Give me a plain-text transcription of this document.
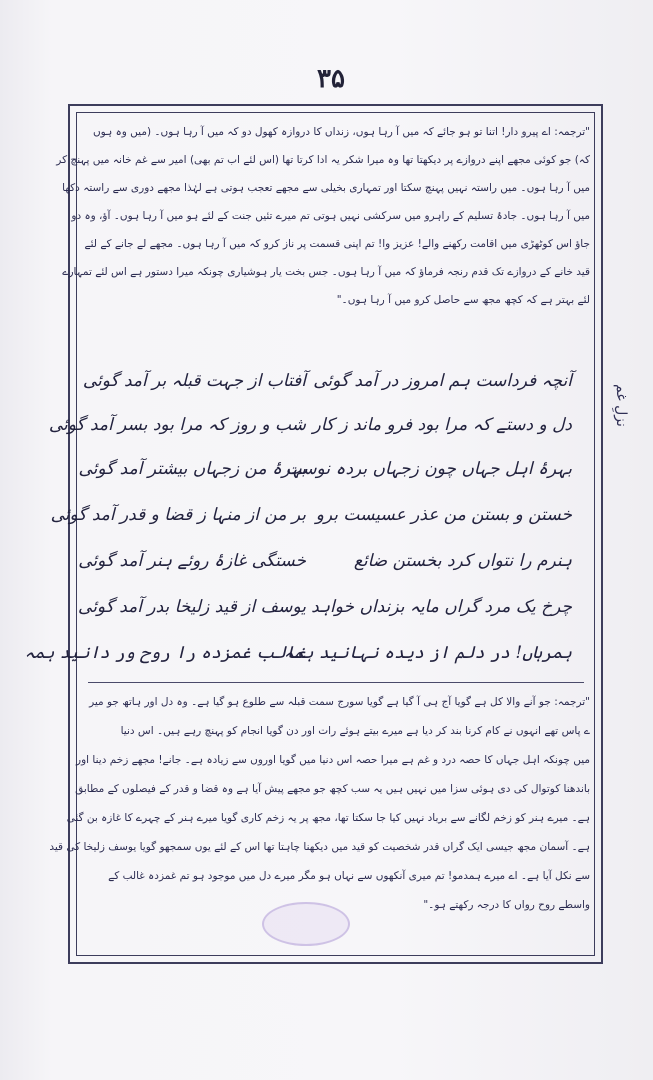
۳۵
"ترجمہ: اے پیرو دار! اتنا تو ہو جائے کہ میں آ رہا ہوں، زنداں کا دروازہ کھول دو کہ میں آ رہا ہوں۔ (میں وہ ہوں
کہ) جو کوئی مجھے اپنے دروازے پر دیکھتا تھا وہ میرا شکر یہ ادا کرتا تھا (اس لئے اب تم بھی) امیر سے غم خانہ میں پہنچ کر
میں آ رہا ہوں۔ میں راستہ نہیں پہنچ سکتا اور تمہاری بخیلی سے مجھے تعجب ہوتی ہے لہٰذا مجھے دوری سے راستہ دکھا
میں آ رہا ہوں۔ جادۂ تسلیم کے راہرو میں سرکشی نہیں ہوتی تم میرے تئیں جنت کے لئے ہو میں آ رہا ہوں۔ آؤ، وہ دو
جاؤ اس کوٹھڑی میں اقامت رکھنے والے! عزیز وا! تم اپنی قسمت پر ناز کرو کہ میں آ رہا ہوں۔ مجھے لے جانے کے لئے
قید خانے کے دروازے تک قدم رنجہ فرماؤ کہ میں آ رہا ہوں۔ جس بخت یار ہوشیاری چونکہ میرا دستور ہے اس لئے تمہارے
لئے بہتر ہے کہ کچھ مجھ سے حاصل کرو میں آ رہا ہوں۔"
نزلِ غم
آنچہ فرداست ہم امروز در آمد گوئی
آفتاب از جہت قبلہ بر آمد گوئی
دل و دستے کہ مرا بود فرو ماند ز کار
شب و روز کہ مرا بود بسر آمد گوئی
بہرۂ اہل جہاں چون زجہاں بردہ نوست
بہرۂ من زجہاں بیشتر آمد گوئی
خستن و بستن من عذر عسیست برو
بر من از منہا ز قضا و قدر آمد گوئی
ہنرم را نتواں کرد بخستن ضائع
خستگی غازۂ روئے ہنر آمد گوئی
چرخ یک مرد گراں مایہ بزنداں خواہد
یوسف از قید زلیخا بدر آمد گوئی
ہمرہاں! در دلم از دیدہ نہانید ہمہ
غالب غمزدہ را روح ور دانید ہمہ
"ترجمہ: جو آنے والا کل ہے گویا آج ہی آ گیا ہے گویا سورج سمت قبلہ سے طلوع ہو گیا ہے۔ وہ دل اور ہاتھ جو میر
ے پاس تھے انہوں نے کام کرنا بند کر دیا ہے میرے بیتے ہوئے رات اور دن گویا انجام کو پہنچ رہے ہیں۔ اس دنیا
میں چونکہ اہل جہاں کا حصہ درد و غم ہے میرا حصہ اس دنیا میں گویا اوروں سے زیادہ ہے۔ جانے! مجھے زخم دینا اور
باندھنا کوتوال کی دی ہوئی سزا میں نہیں ہیں یہ سب کچھ جو مجھے پیش آیا ہے وہ قضا و قدر کے فیصلوں کے مطابق
ہے۔ میرے ہنر کو زخم لگانے سے برباد نہیں کیا جا سکتا تھا، مجھ پر یہ زخم کاری گویا میرے ہنر کے چہرے کا غازہ بن گئی
ہے۔ آسمان مجھ جیسی ایک گراں قدر شخصیت کو قید میں دیکھنا چاہتا تھا اس کے لئے یوں سمجھو گویا یوسف زلیخا کی قید
سے نکل آیا ہے۔ اے میرے ہمدمو! تم میری آنکھوں سے نہاں ہو مگر میرے دل میں موجود ہو تم غمزدہ غالب کے
واسطے روح رواں کا درجہ رکھتے ہو۔"
